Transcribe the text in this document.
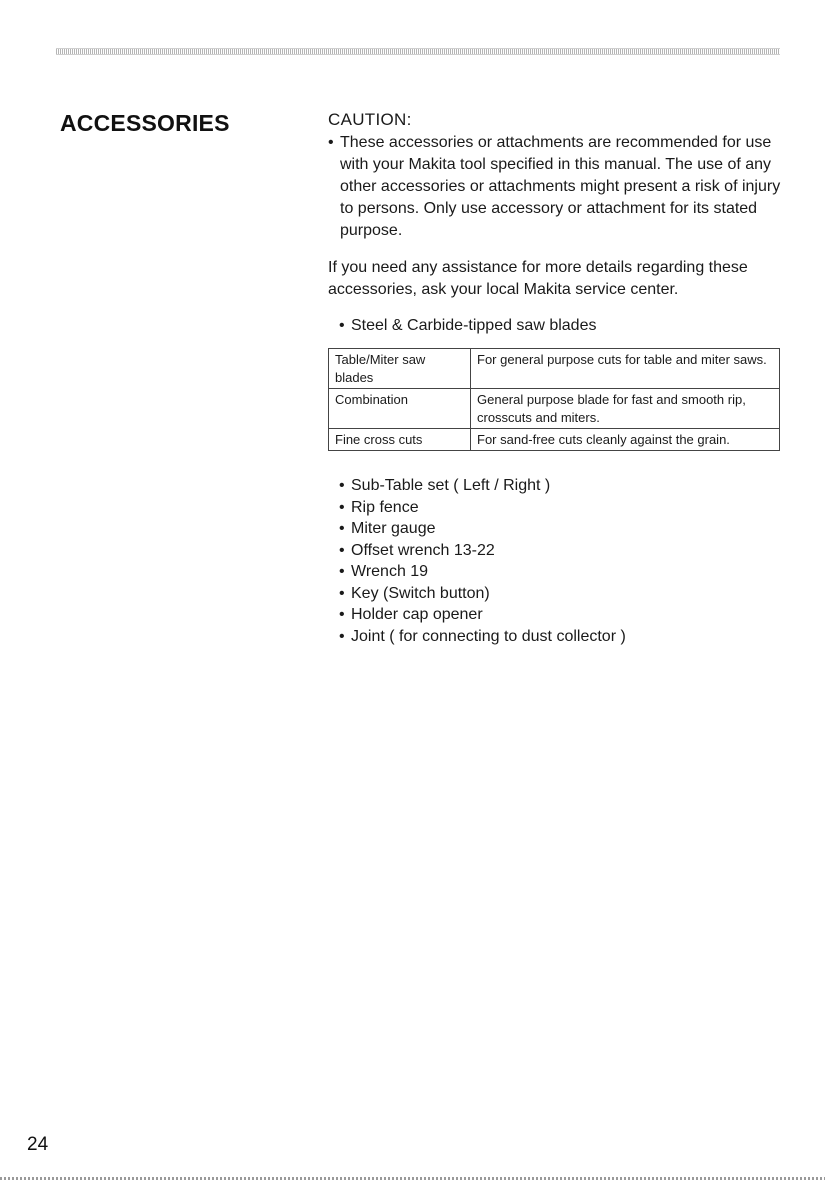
ACCESSORIES	CAUTION:
• These accessories or attachments are recommended for use with your Makita tool specified in this manual. The use of any other accessories or attachments might present a risk of injury to persons. Only use accessory or attachment for its stated purpose.
If you need any assistance for more details regarding these accessories, ask your local Makita service center.
• Steel & Carbide-tipped saw blades
Table/Miter saw blades	For general purpose cuts for table and miter saws.
Combination	General purpose blade for fast and smooth rip, crosscuts and miters.
Fine cross cuts	For sand-free cuts cleanly against the grain.
• Sub-Table set ( Left / Right )
• Rip fence
• Miter gauge
• Offset wrench 13-22
• Wrench 19
• Key (Switch button)
• Holder cap opener
• Joint ( for connecting to dust collector )
24
